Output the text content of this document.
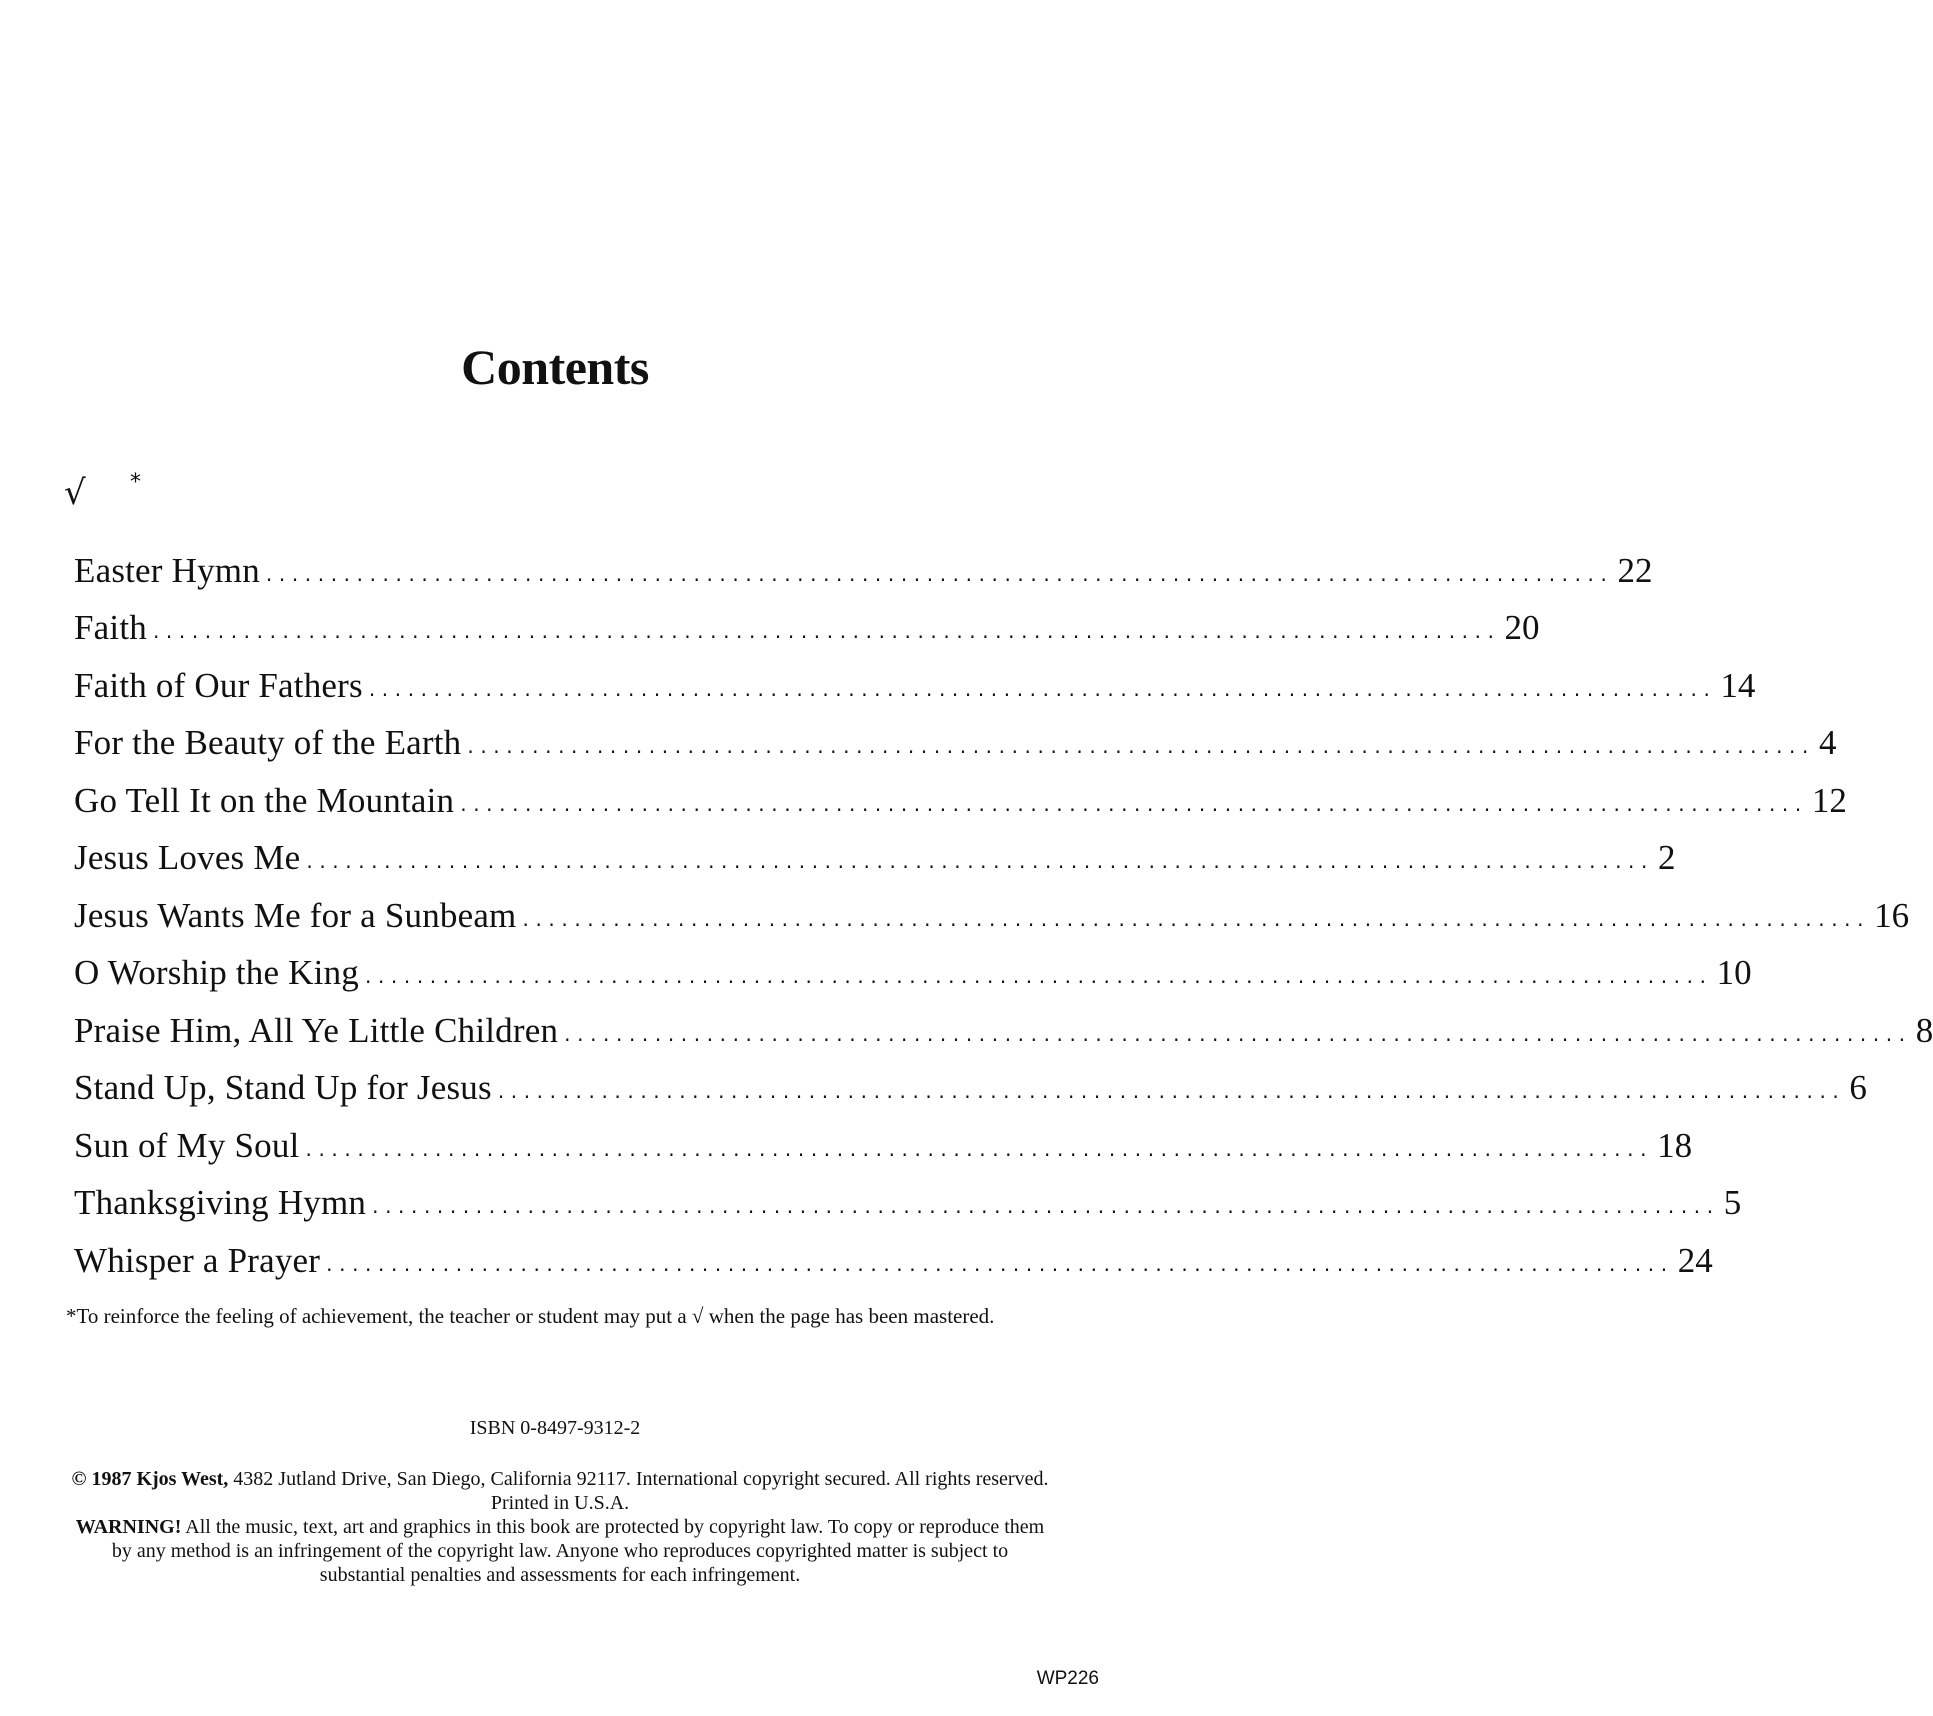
Contents
√ *
Easter Hymn ........................................................................................................ 22
Faith ........................................................................................................ 20
Faith of Our Fathers ........................................................................................................ 14
For the Beauty of the Earth ........................................................................................................ 4
Go Tell It on the Mountain ........................................................................................................ 12
Jesus Loves Me ........................................................................................................ 2
Jesus Wants Me for a Sunbeam ........................................................................................................ 16
O Worship the King ........................................................................................................ 10
Praise Him, All Ye Little Children ........................................................................................................ 8
Stand Up, Stand Up for Jesus ........................................................................................................ 6
Sun of My Soul ........................................................................................................ 18
Thanksgiving Hymn ........................................................................................................ 5
Whisper a Prayer ........................................................................................................ 24
*To reinforce the feeling of achievement, the teacher or student may put a √ when the page has been mastered.
ISBN 0-8497-9312-2
© 1987 Kjos West, 4382 Jutland Drive, San Diego, California 92117. International copyright secured. All rights reserved. Printed in U.S.A.
WARNING! All the music, text, art and graphics in this book are protected by copyright law. To copy or reproduce them by any method is an infringement of the copyright law. Anyone who reproduces copyrighted matter is subject to substantial penalties and assessments for each infringement.
WP226
